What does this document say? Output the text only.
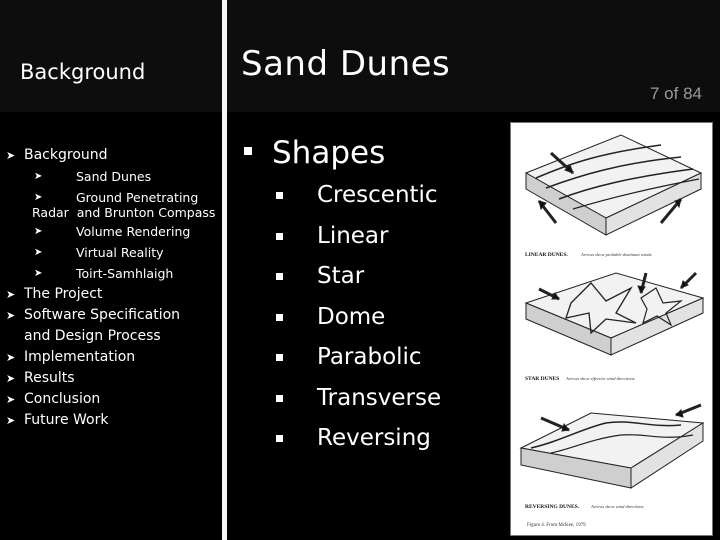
Background	Sand Dunes
7 of 84
➤ Background
➤	Sand Dunes
➤	Ground Penetrating
Radar and Brunton Compass
➤	Volume Rendering
➤	Virtual Reality
➤	Toirt-Samhlaigh
➤ The Project
➤ Software Specification
and Design Process
➤ Implementation
➤ Results
➤ Conclusion
➤ Future Work
Shapes
Crescentic
Linear
Star
Dome
Parabolic
Transverse
Reversing
LINEAR DUNES.	Arrows show probable dominant winds.
STAR DUNES Arrows show effective wind directions.
REVERSING DUNES.	Arrows show wind directions.
Figure 4. From McKee, 1979
